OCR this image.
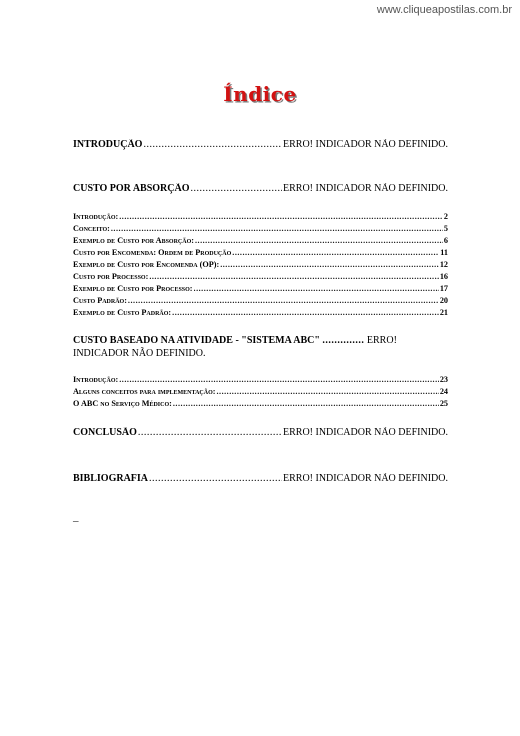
www.cliqueapostilas.com.br
Índice
INTRODUÇÃO .....	ERRO! INDICADOR NÃO DEFINIDO.
CUSTO POR ABSORÇÃO .....	ERRO! INDICADOR NÃO DEFINIDO.
Introdução: .....	2
Conceito: .....	5
Exemplo de Custo por Absorção: .....	6
Custo por Encomenda: Ordem de Produção .....	11
Exemplo de Custo por Encomenda (OP): .....	12
Custo por Processo: .....	16
Exemplo de Custo por Processo: .....	17
Custo Padrão: .....	20
Exemplo de Custo Padrão: .....	21
CUSTO BASEADO NA ATIVIDADE - "SISTEMA ABC" .............. ERRO! INDICADOR NÃO DEFINIDO.
Introdução: .....	23
Alguns conceitos para implementação: .....	24
O ABC no Serviço Médico: .....	25
CONCLUSÃO .....	ERRO! INDICADOR NÃO DEFINIDO.
BIBLIOGRAFIA .....	ERRO! INDICADOR NÃO DEFINIDO.
–
